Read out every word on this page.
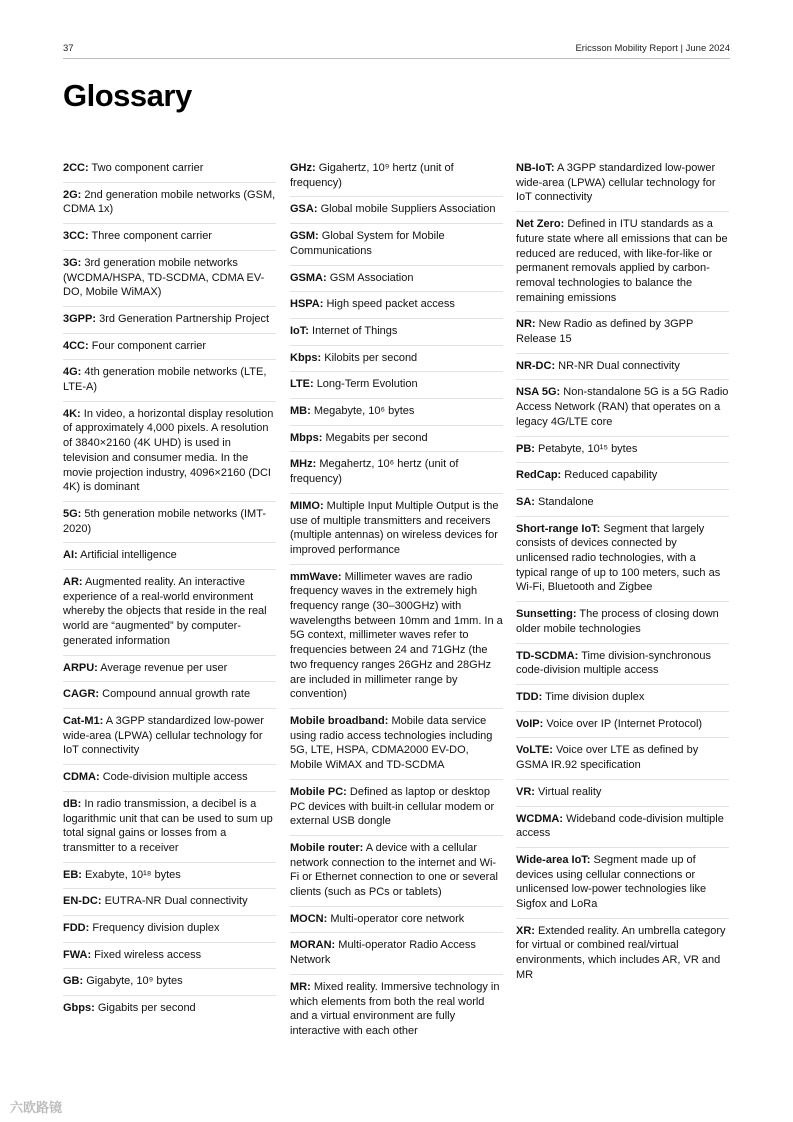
37	Ericsson Mobility Report | June 2024
Glossary
2CC: Two component carrier
2G: 2nd generation mobile networks (GSM, CDMA 1x)
3CC: Three component carrier
3G: 3rd generation mobile networks (WCDMA/HSPA, TD-SCDMA, CDMA EV-DO, Mobile WiMAX)
3GPP: 3rd Generation Partnership Project
4CC: Four component carrier
4G: 4th generation mobile networks (LTE, LTE-A)
4K: In video, a horizontal display resolution of approximately 4,000 pixels. A resolution of 3840×2160 (4K UHD) is used in television and consumer media. In the movie projection industry, 4096×2160 (DCI 4K) is dominant
5G: 5th generation mobile networks (IMT-2020)
AI: Artificial intelligence
AR: Augmented reality. An interactive experience of a real-world environment whereby the objects that reside in the real world are “augmented” by computer-generated information
ARPU: Average revenue per user
CAGR: Compound annual growth rate
Cat-M1: A 3GPP standardized low-power wide-area (LPWA) cellular technology for IoT connectivity
CDMA: Code-division multiple access
dB: In radio transmission, a decibel is a logarithmic unit that can be used to sum up total signal gains or losses from a transmitter to a receiver
EB: Exabyte, 10¹⁸ bytes
EN-DC: EUTRA-NR Dual connectivity
FDD: Frequency division duplex
FWA: Fixed wireless access
GB: Gigabyte, 10⁹ bytes
Gbps: Gigabits per second
GHz: Gigahertz, 10⁹ hertz (unit of frequency)
GSA: Global mobile Suppliers Association
GSM: Global System for Mobile Communications
GSMA: GSM Association
HSPA: High speed packet access
IoT: Internet of Things
Kbps: Kilobits per second
LTE: Long-Term Evolution
MB: Megabyte, 10⁶ bytes
Mbps: Megabits per second
MHz: Megahertz, 10⁶ hertz (unit of frequency)
MIMO: Multiple Input Multiple Output is the use of multiple transmitters and receivers (multiple antennas) on wireless devices for improved performance
mmWave: Millimeter waves are radio frequency waves in the extremely high frequency range (30–300GHz) with wavelengths between 10mm and 1mm. In a 5G context, millimeter waves refer to frequencies between 24 and 71GHz (the two frequency ranges 26GHz and 28GHz are included in millimeter range by convention)
Mobile broadband: Mobile data service using radio access technologies including 5G, LTE, HSPA, CDMA2000 EV-DO, Mobile WiMAX and TD-SCDMA
Mobile PC: Defined as laptop or desktop PC devices with built-in cellular modem or external USB dongle
Mobile router: A device with a cellular network connection to the internet and Wi-Fi or Ethernet connection to one or several clients (such as PCs or tablets)
MOCN: Multi-operator core network
MORAN: Multi-operator Radio Access Network
MR: Mixed reality. Immersive technology in which elements from both the real world and a virtual environment are fully interactive with each other
NB-IoT: A 3GPP standardized low-power wide-area (LPWA) cellular technology for IoT connectivity
Net Zero: Defined in ITU standards as a future state where all emissions that can be reduced are reduced, with like-for-like or permanent removals applied by carbon-removal technologies to balance the remaining emissions
NR: New Radio as defined by 3GPP Release 15
NR-DC: NR-NR Dual connectivity
NSA 5G: Non-standalone 5G is a 5G Radio Access Network (RAN) that operates on a legacy 4G/LTE core
PB: Petabyte, 10¹⁵ bytes
RedCap: Reduced capability
SA: Standalone
Short-range IoT: Segment that largely consists of devices connected by unlicensed radio technologies, with a typical range of up to 100 meters, such as Wi-Fi, Bluetooth and Zigbee
Sunsetting: The process of closing down older mobile technologies
TD-SCDMA: Time division-synchronous code-division multiple access
TDD: Time division duplex
VoIP: Voice over IP (Internet Protocol)
VoLTE: Voice over LTE as defined by GSMA IR.92 specification
VR: Virtual reality
WCDMA: Wideband code-division multiple access
Wide-area IoT: Segment made up of devices using cellular connections or unlicensed low-power technologies like Sigfox and LoRa
XR: Extended reality. An umbrella category for virtual or combined real/virtual environments, which includes AR, VR and MR
六欧路镜
